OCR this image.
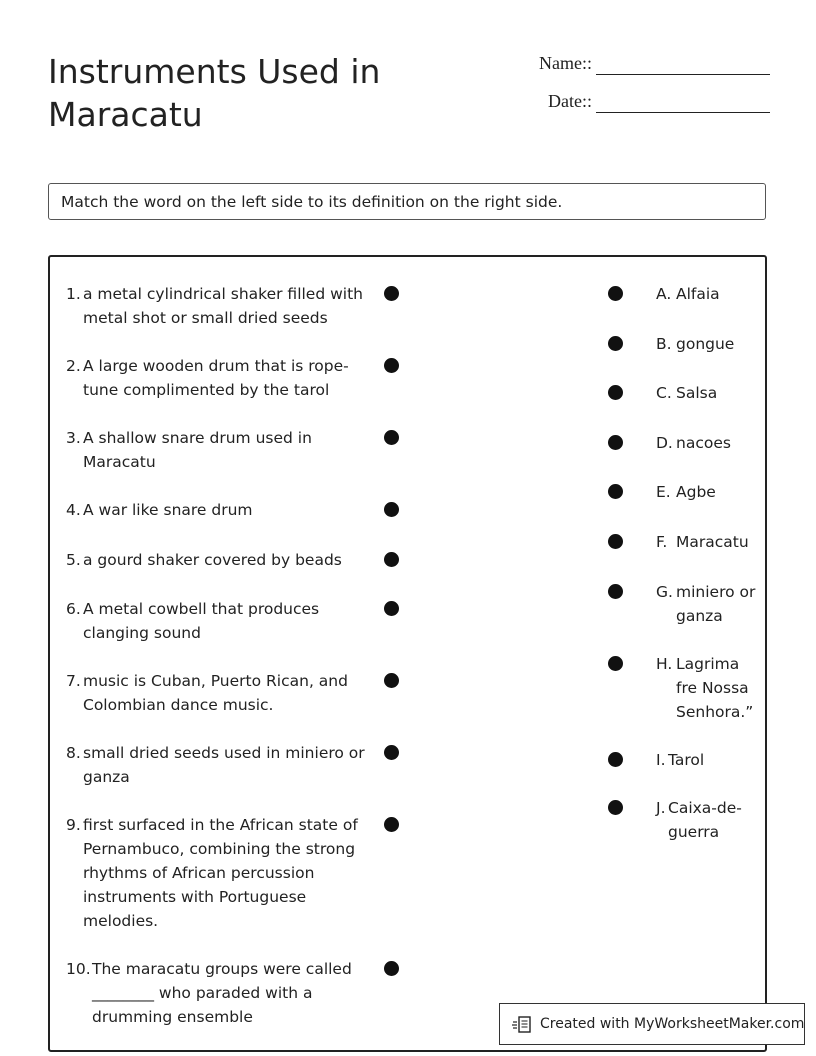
Instruments Used in Maracatu
Name::
Date::
Match the word on the left side to its definition on the right side.
1. a metal cylindrical shaker filled with metal shot or small dried seeds
2. A large wooden drum that is rope-tune complimented by the tarol
3. A shallow snare drum used in Maracatu
4. A war like snare drum
5. a gourd shaker covered by beads
6. A metal cowbell that produces clanging sound
7. music is Cuban, Puerto Rican, and Colombian dance music.
8. small dried seeds used in miniero or ganza
9. first surfaced in the African state of Pernambuco, combining the strong rhythms of African percussion instruments with Portuguese melodies.
10. The maracatu groups were called ________ who paraded with a drumming ensemble
A. Alfaia
B. gongue
C. Salsa
D. nacoes
E. Agbe
F. Maracatu
G. miniero or ganza
H. Lagrima fre Nossa Senhora.”
I. Tarol
J. Caixa-de-guerra
Created with MyWorksheetMaker.com
